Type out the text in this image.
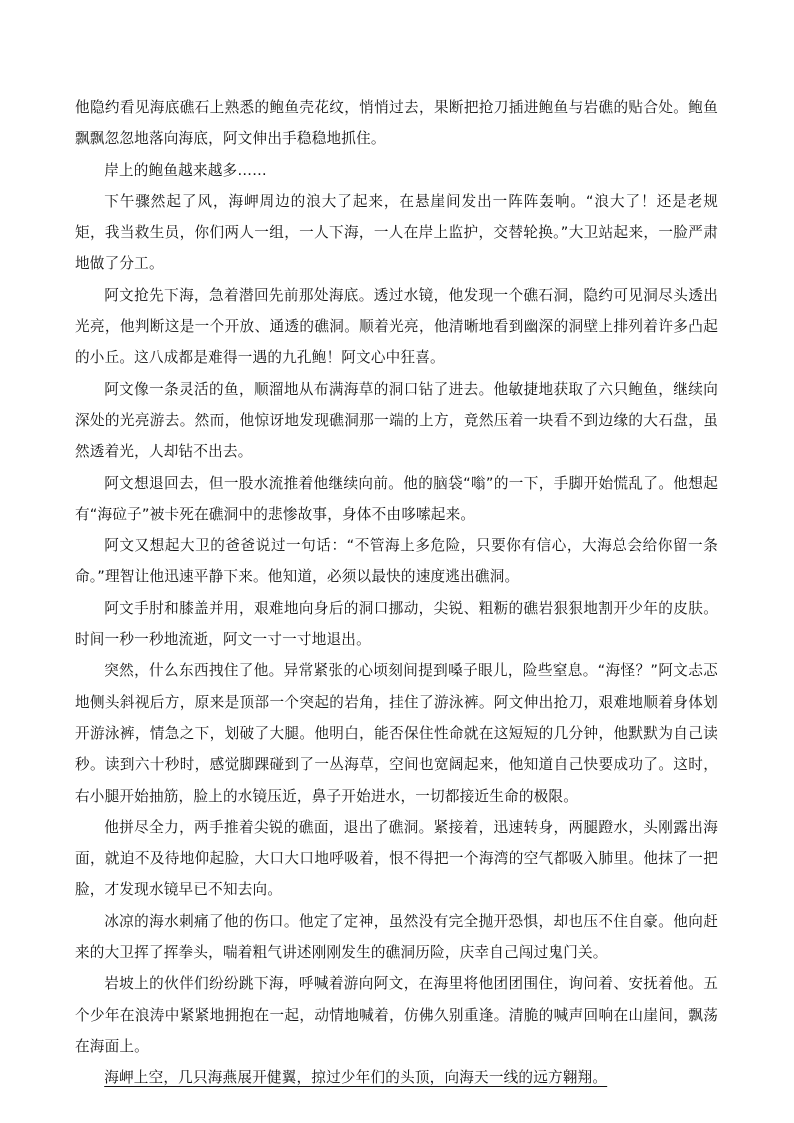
他隐约看见海底礁石上熟悉的鲍鱼壳花纹，悄悄过去，果断把抢刀插进鲍鱼与岩礁的贴合处。鲍鱼飘飘忽忽地落向海底，阿文伸出手稳稳地抓住。

岸上的鲍鱼越来越多……

下午骤然起了风，海岬周边的浪大了起来，在悬崖间发出一阵阵轰响。“浪大了！还是老规矩，我当救生员，你们两人一组，一人下海，一人在岸上监护，交替轮换。”大卫站起来，一脸严肃地做了分工。

阿文抢先下海，急着潜回先前那处海底。透过水镜，他发现一个礁石洞，隐约可见洞尽头透出光亮，他判断这是一个开放、通透的礁洞。顺着光亮，他清晰地看到幽深的洞壁上排列着许多凸起的小丘。这八成都是难得一遇的九孔鲍！阿文心中狂喜。

阿文像一条灵活的鱼，顺溜地从布满海草的洞口钻了进去。他敏捷地获取了六只鲍鱼，继续向深处的光亮游去。然而，他惊讶地发现礁洞那一端的上方，竟然压着一块看不到边缘的大石盘，虽然透着光，人却钻不出去。

阿文想退回去，但一股水流推着他继续向前。他的脑袋“嗡”的一下，手脚开始慌乱了。他想起有“海砬子”被卡死在礁洞中的悲惨故事，身体不由哆嗦起来。

阿文又想起大卫的爸爸说过一句话：“不管海上多危险，只要你有信心，大海总会给你留一条命。”理智让他迅速平静下来。他知道，必须以最快的速度逃出礁洞。

阿文手肘和膝盖并用，艰难地向身后的洞口挪动，尖锐、粗粝的礁岩狠狠地割开少年的皮肤。时间一秒一秒地流逝，阿文一寸一寸地退出。

突然，什么东西拽住了他。异常紧张的心顷刻间提到嗓子眼儿，险些窒息。“海怪？”阿文忐忑地侧头斜视后方，原来是顶部一个突起的岩角，挂住了游泳裤。阿文伸出抢刀，艰难地顺着身体划开游泳裤，情急之下，划破了大腿。他明白，能否保住性命就在这短短的几分钟，他默默为自己读秒。读到六十秒时，感觉脚踝碰到了一丛海草，空间也宽阔起来，他知道自己快要成功了。这时，右小腿开始抽筋，脸上的水镜压近，鼻子开始进水，一切都接近生命的极限。

他拼尽全力，两手推着尖锐的礁面，退出了礁洞。紧接着，迅速转身，两腿蹬水，头刚露出海面，就迫不及待地仰起脸，大口大口地呼吸着，恨不得把一个海湾的空气都吸入肺里。他抹了一把脸，才发现水镜早已不知去向。

冰凉的海水刺痛了他的伤口。他定了定神，虽然没有完全抛开恐惧，却也压不住自豪。他向赶来的大卫挥了挥拳头，喘着粗气讲述刚刚发生的礁洞历险，庆幸自己闯过鬼门关。

岩坡上的伙伴们纷纷跳下海，呼喊着游向阿文，在海里将他团团围住，询问着、安抚着他。五个少年在浪涛中紧紧地拥抱在一起，动情地喊着，仿佛久别重逢。清脆的喊声回响在山崖间，飘荡在海面上。

海岬上空，几只海燕展开健翼，掠过少年们的头顶，向海天一线的远方翱翔。
